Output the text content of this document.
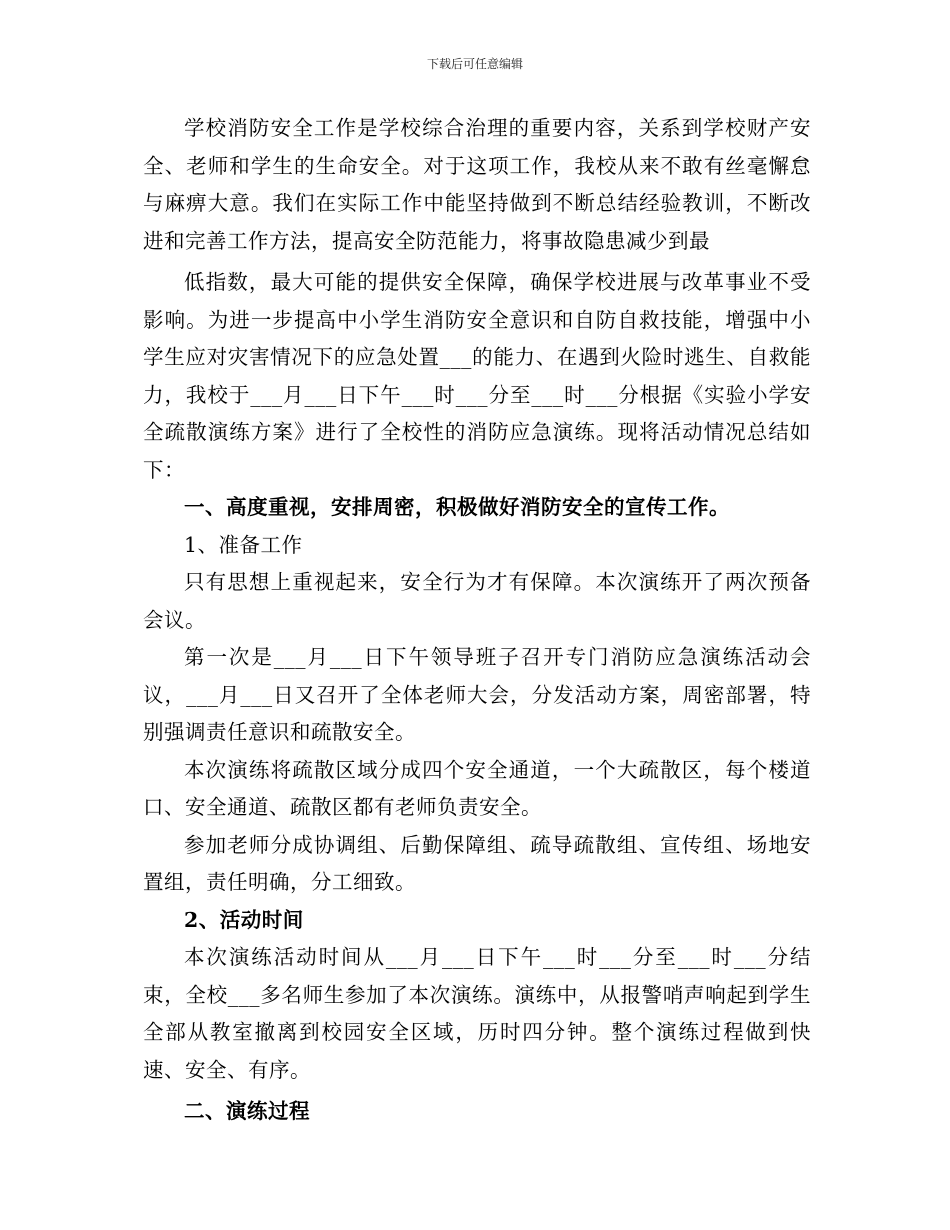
下载后可任意编辑

学校消防安全工作是学校综合治理的重要内容，关系到学校财产安全、老师和学生的生命安全。对于这项工作，我校从来不敢有丝毫懈怠与麻痹大意。我们在实际工作中能坚持做到不断总结经验教训，不断改进和完善工作方法，提高安全防范能力，将事故隐患减少到最

低指数，最大可能的提供安全保障，确保学校进展与改革事业不受影响。为进一步提高中小学生消防安全意识和自防自救技能，增强中小学生应对灾害情况下的应急处置___的能力、在遇到火险时逃生、自救能力，我校于___月___日下午___时___分至___时___分根据《实验小学安全疏散演练方案》进行了全校性的消防应急演练。现将活动情况总结如下：

一、高度重视，安排周密，积极做好消防安全的宣传工作。

1、准备工作

只有思想上重视起来，安全行为才有保障。本次演练开了两次预备会议。

第一次是___月___日下午领导班子召开专门消防应急演练活动会议，___月___日又召开了全体老师大会，分发活动方案，周密部署，特别强调责任意识和疏散安全。

本次演练将疏散区域分成四个安全通道，一个大疏散区，每个楼道口、安全通道、疏散区都有老师负责安全。

参加老师分成协调组、后勤保障组、疏导疏散组、宣传组、场地安置组，责任明确，分工细致。

2、活动时间

本次演练活动时间从___月___日下午___时___分至___时___分结束，全校___多名师生参加了本次演练。演练中，从报警哨声响起到学生全部从教室撤离到校园安全区域，历时四分钟。整个演练过程做到快速、安全、有序。

二、演练过程
